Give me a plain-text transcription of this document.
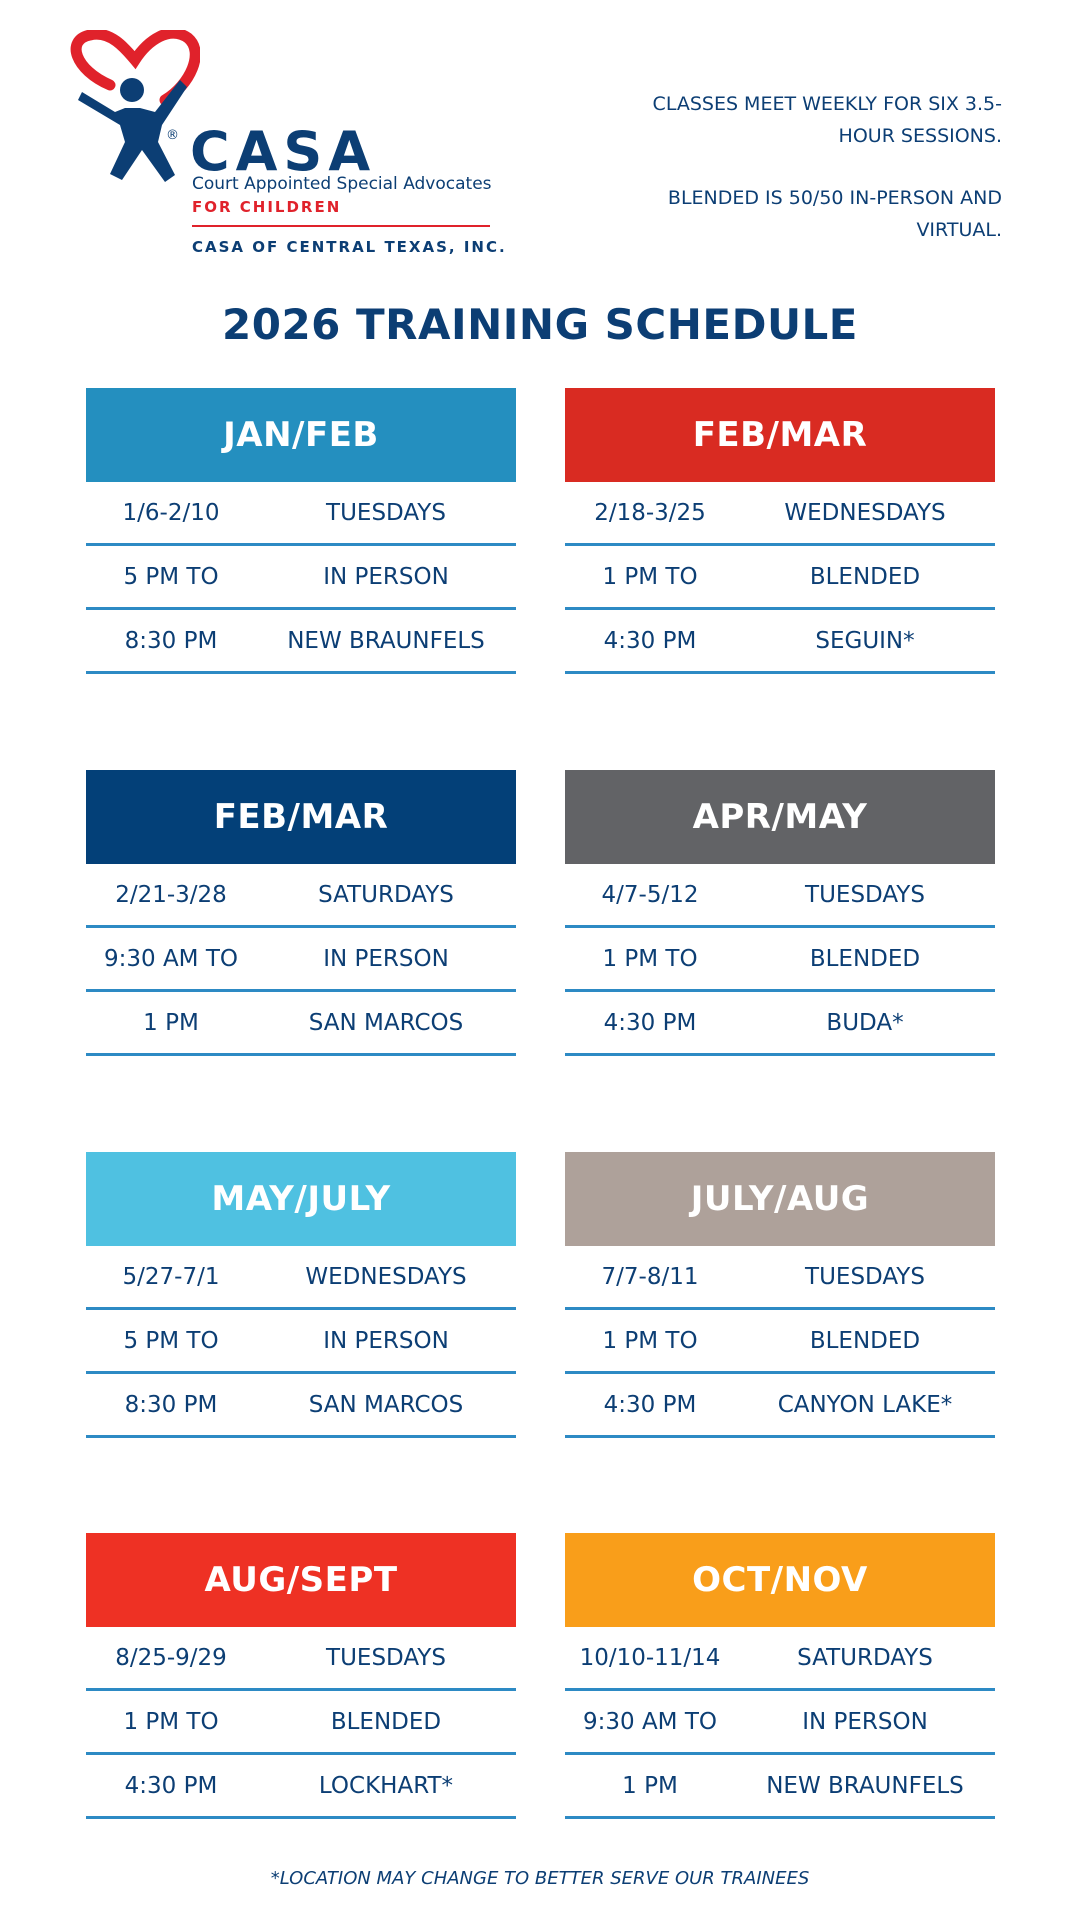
® CASA
Court Appointed Special Advocates
FOR CHILDREN
CASA OF CENTRAL TEXAS, INC.

CLASSES MEET WEEKLY FOR SIX 3.5-HOUR SESSIONS.

BLENDED IS 50/50 IN-PERSON AND VIRTUAL.

2026 TRAINING SCHEDULE
JAN/FEB
1/6-2/10	TUESDAYS
5 PM TO	IN PERSON
8:30 PM	NEW BRAUNFELS
FEB/MAR
2/18-3/25	WEDNESDAYS
1 PM TO	BLENDED
4:30 PM	SEGUIN*
FEB/MAR
2/21-3/28	SATURDAYS
9:30 AM TO	IN PERSON
1 PM	SAN MARCOS
APR/MAY
4/7-5/12	TUESDAYS
1 PM TO	BLENDED
4:30 PM	BUDA*
MAY/JULY
5/27-7/1	WEDNESDAYS
5 PM TO	IN PERSON
8:30 PM	SAN MARCOS
JULY/AUG
7/7-8/11	TUESDAYS
1 PM TO	BLENDED
4:30 PM	CANYON LAKE*
AUG/SEPT
8/25-9/29	TUESDAYS
1 PM TO	BLENDED
4:30 PM	LOCKHART*
OCT/NOV
10/10-11/14	SATURDAYS
9:30 AM TO	IN PERSON
1 PM	NEW BRAUNFELS
*LOCATION MAY CHANGE TO BETTER SERVE OUR TRAINEES
